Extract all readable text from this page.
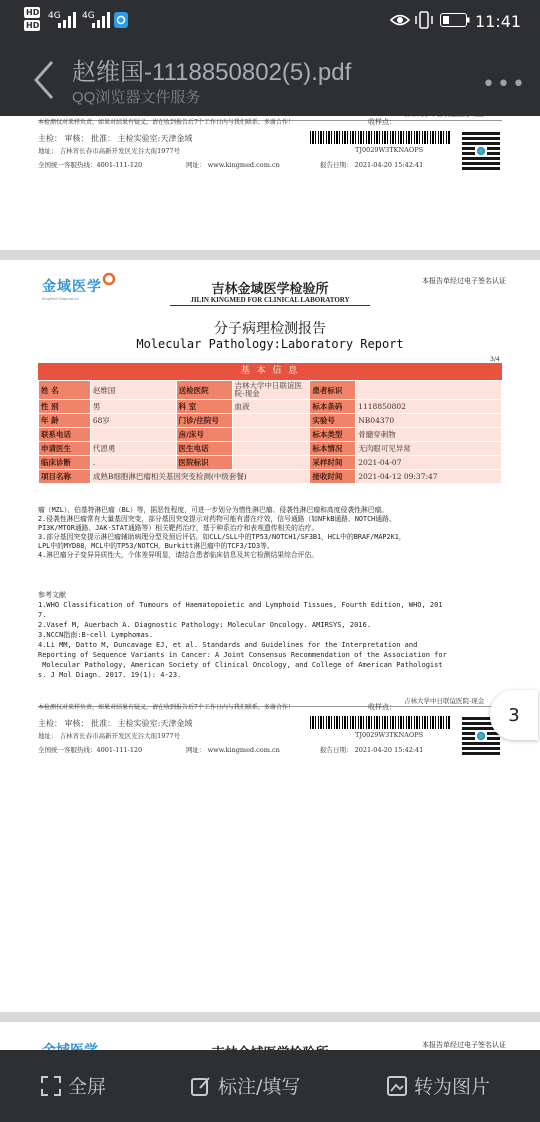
HD
HD
4G 4G	11:41
赵维国-1118850802(5).pdf
QQ浏览器文件服务
•••
本检测仅对来样负责，如果对结果有疑义，请在收到报告后7个工作日内与我们联系，多谢合作！	收样点：
吉林大学中日联谊医院-现金
主检： 审核： 批准： 主检实验室:天津金域
TJ0029W3TKNAOPS
地址： 吉林省长春市高新开发区光谷大街1977号
全国统一客服热线：4001-111-120	网址： www.kingmed.com.cn	报告日期： 2021-04-20 15:42:41
金域医学
KingMed Diagnostics
吉林金域医学检验所
JILIN KINGMED FOR CLINICAL LABORATORY
本报告单经过电子签名认证
分子病理检测报告
Molecular Pathology:Laboratory Report
3/4
基 本 信 息
姓 名	赵维国	送检医院	吉林大学中日联谊医院-现金	患者标识	
性 别	男	科 室	血液	标本条码	1118850802
年 龄	68岁	门诊/住院号		实验号	NB04370
联系电话		房/床号		标本类型	骨髓穿刺物
申请医生	代恩勇	医生电话		标本情况	无肉眼可见异常
临床诊断	.	医院标识		采样时间	2021-04-07
项目名称	成熟B细胞淋巴瘤相关基因突变检测(中级套餐)			接收时间	2021-04-12 09:37:47
瘤（MZL）、伯基特淋巴瘤（BL）等，据恶性程度，可进一步划分为惰性淋巴瘤、侵袭性淋巴瘤和高度侵袭性淋巴瘤。
2.侵袭性淋巴瘤常有大量基因突变，部分基因突变提示对药物可能有潜在疗效，信号通路（如NFkB通路、NOTCH通路、
PI3K/MTOR通路、JAK-STAT通路等）相关靶药治疗，基于种系治疗和表观遗传相关的治疗。
3.部分基因突变提示淋巴瘤辅助病理分型及预后评估，如CLL/SLL中的TP53/NOTCH1/SF3B1，HCL中的BRAF/MAP2K1，
LPL中的MYD88，MCL中的TP53/NOTCH，Burkitt淋巴瘤中的TCF3/ID3等。
4.淋巴瘤分子变异异质性大，个体差异明显，请结合患者临床信息及其它检测结果综合评估。
参考文献
1.WHO Classification of Tumours of Haematopoietic and Lymphoid Tissues, Fourth Edition, WHO, 201
7.
2.Vasef M, Auerbach A. Diagnostic Pathology: Molecular Oncology. AMIRSYS, 2016.
3.NCCN指南:B-cell Lymphomas.
4.Li MM, Datto M, Duncavage EJ, et al. Standards and Guidelines for the Interpretation and
Reporting of Sequence Variants in Cancer: A Joint Consensus Recommendation of the Association for
Molecular Pathology, American Society of Clinical Oncology, and College of American Pathologist
s. J Mol Diagn. 2017. 19(1): 4-23.
本检测仅对来样负责，如果对结果有疑义，请在收到报告后7个工作日内与我们联系，多谢合作！	收样点：
吉林大学中日联谊医院-现金
主检： 审核： 批准： 主检实验室:天津金域
TJ0029W3TKNAOPS
地址： 吉林省长春市高新开发区光谷大街1977号
全国统一客服热线：4001-111-120	网址： www.kingmed.com.cn	报告日期： 2021-04-20 15:42:41
本报告单经过电子签名认证
3
全屏	标注/填写	转为图片
